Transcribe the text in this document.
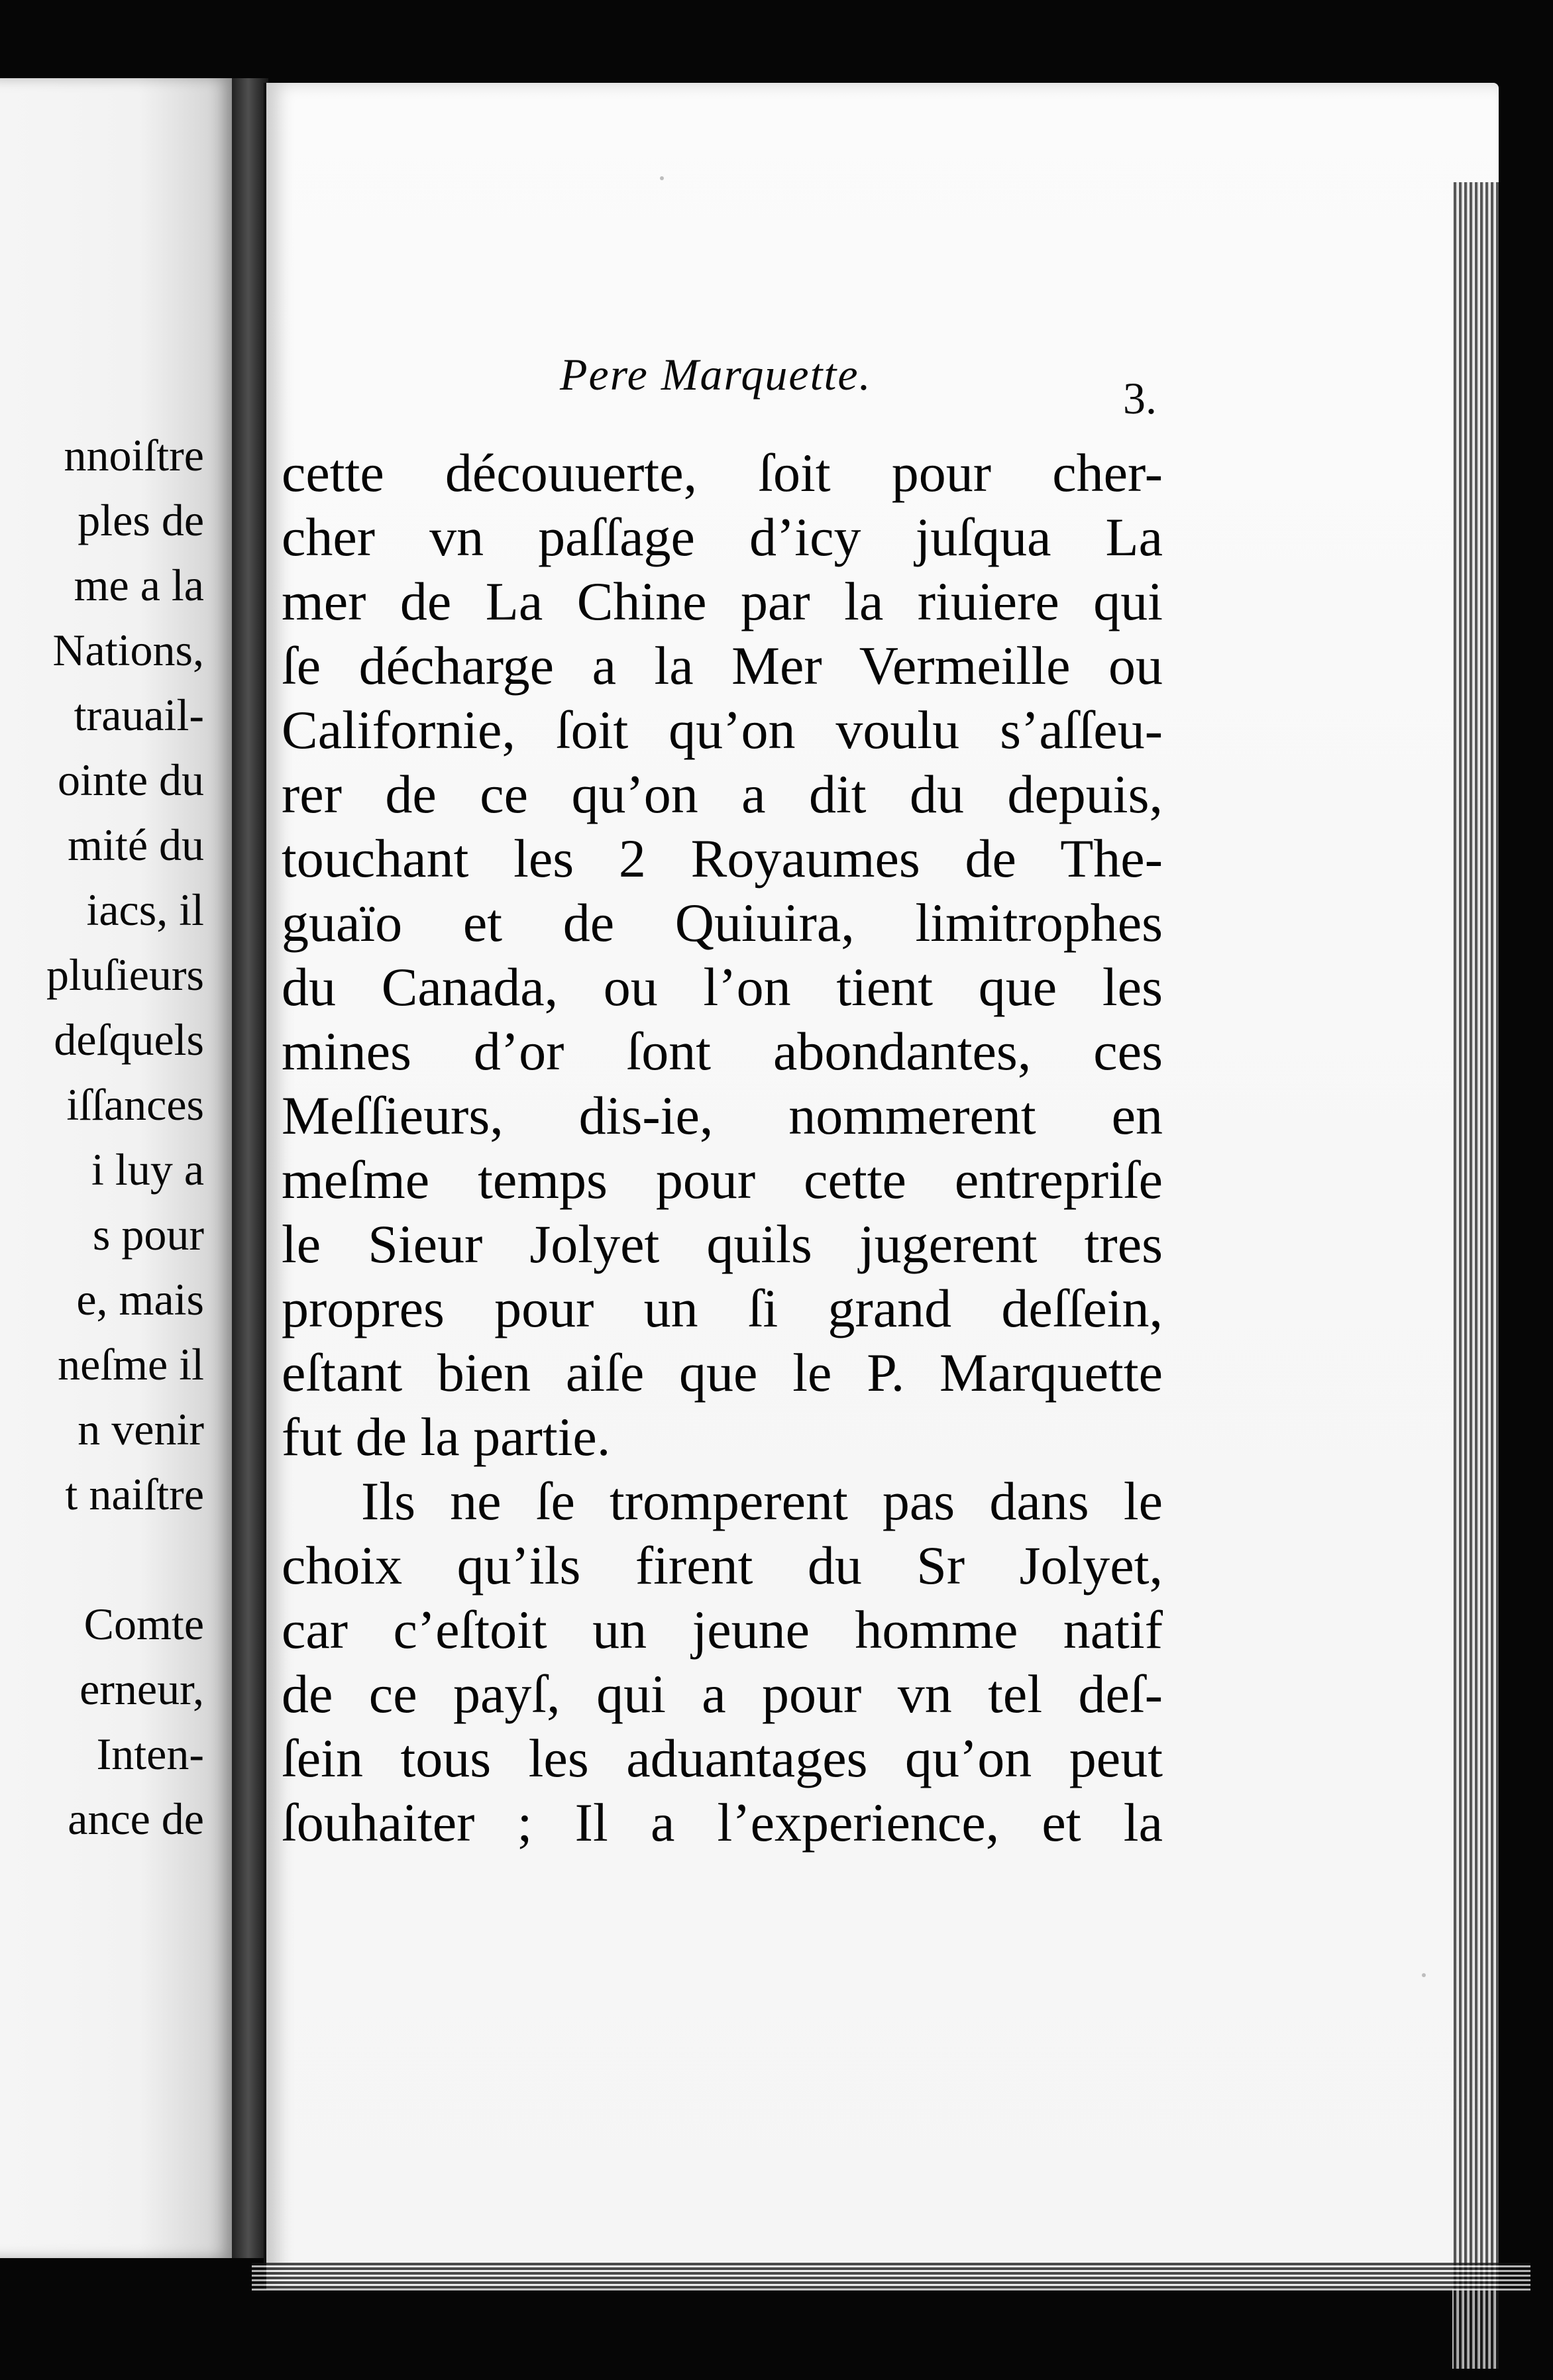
nnoiſtre
ples de
me a la
Nations,
trauail-
ointe du
mité du
iacs, il
pluſieurs
deſquels
iſſances
i luy a
s pour
e, mais
neſme il
n venir
t naiſtre
Comte
erneur,
Inten-
ance de
Pere Marquette.	3.
cette découuerte, ſoit pour cher-
cher vn paſſage d’icy juſqua La
mer de La Chine par la riuiere qui
ſe décharge a la Mer Vermeille ou
Californie, ſoit qu’on voulu s’aſſeu-
rer de ce qu’on a dit du depuis,
touchant les 2 Royaumes de The-
guaïo et de Quiuira, limitrophes
du Canada, ou l’on tient que les
mines d’or ſont abondantes, ces
Meſſieurs, dis-ie, nommerent en
meſme temps pour cette entrepriſe
le Sieur Jolyet quils jugerent tres
propres pour un ſi grand deſſein,
eſtant bien aiſe que le P. Marquette
fut de la partie.
Ils ne ſe tromperent pas dans le
choix qu’ils firent du Sr Jolyet,
car c’eſtoit un jeune homme natif
de ce payſ, qui a pour vn tel deſ-
ſein tous les aduantages qu’on peut
ſouhaiter ; Il a l’experience, et la
